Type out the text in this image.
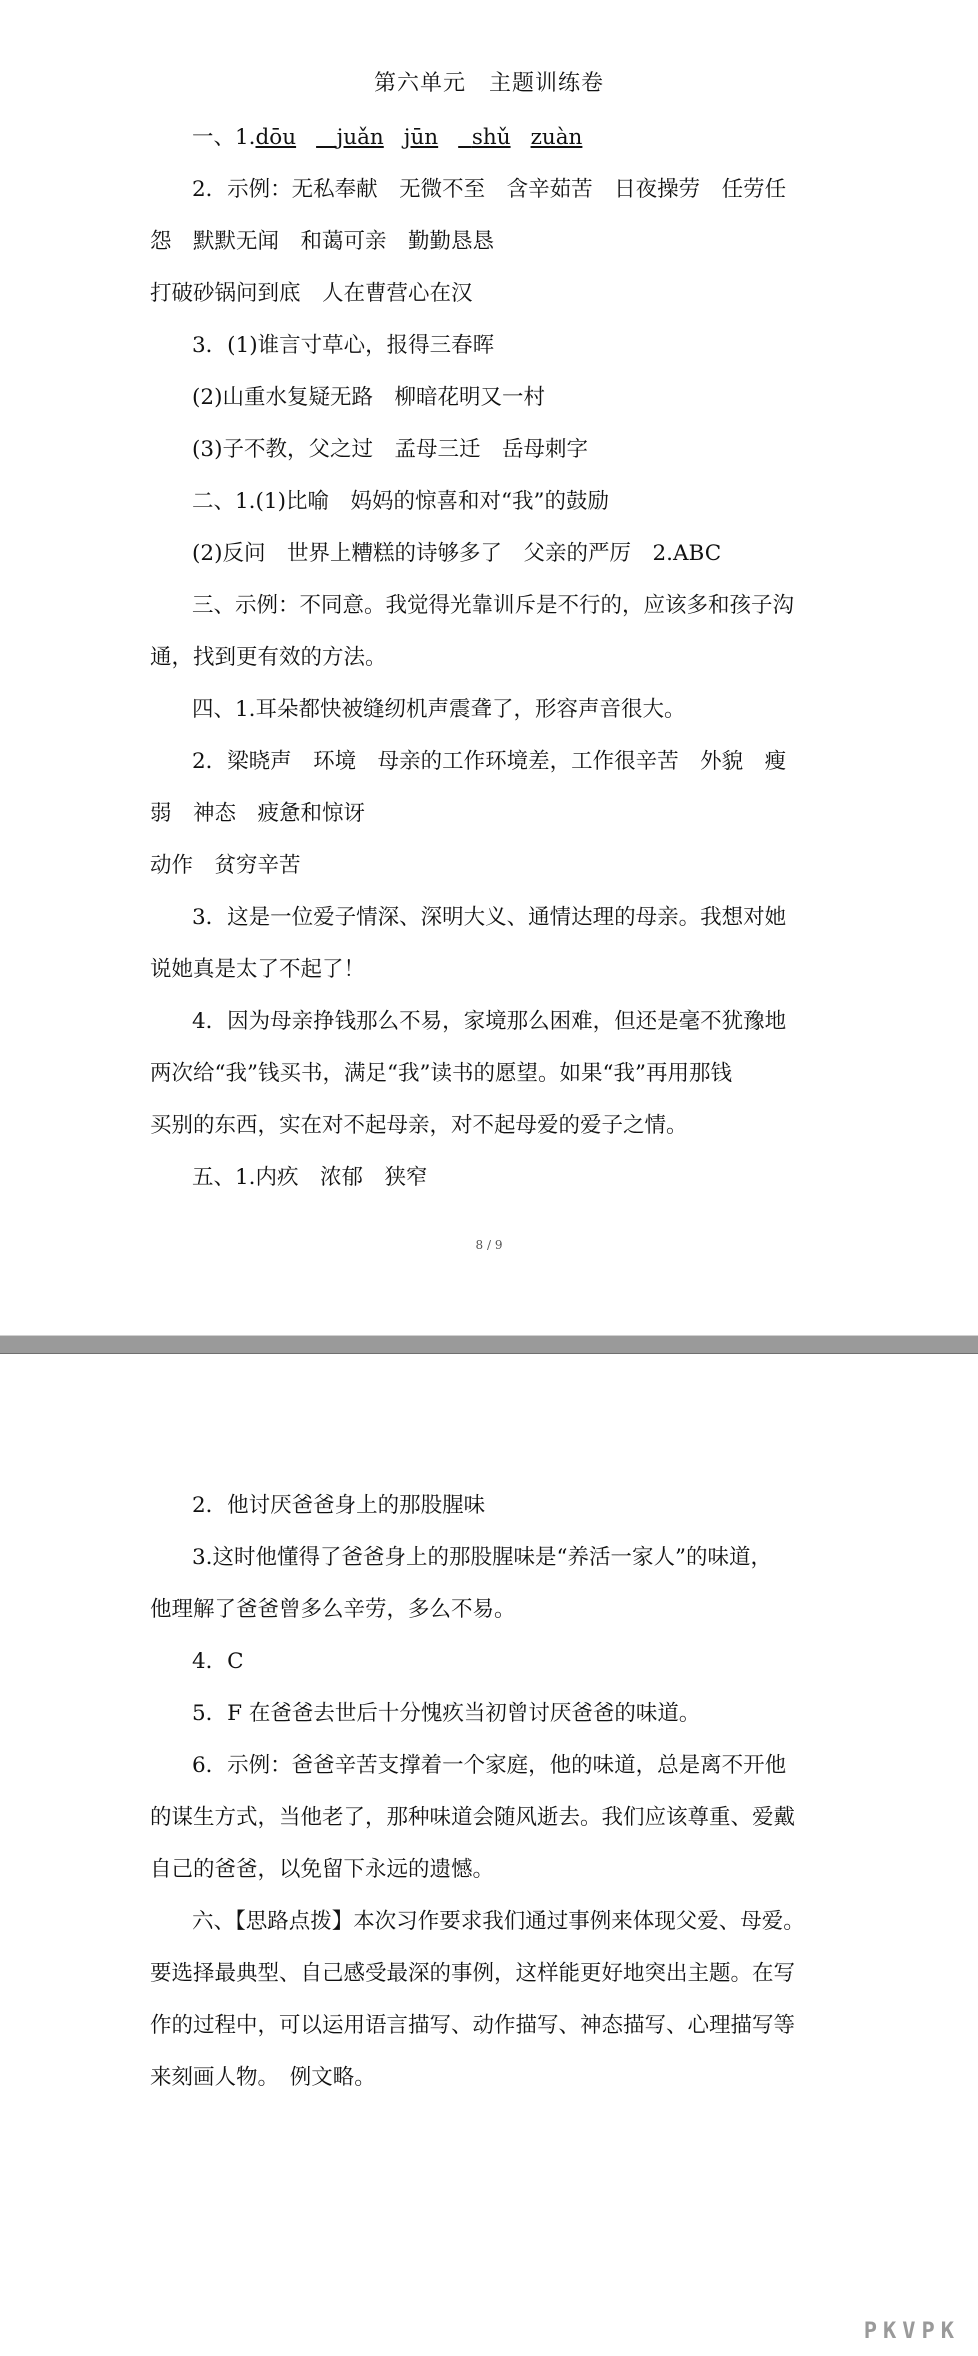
第六单元　主题训练卷
一、1.dōu juǎn jūn shǔ zuàn
2．示例：无私奉献　无微不至　含辛茹苦　日夜操劳　任劳任
怨　默默无闻　和蔼可亲　勤勤恳恳
打破砂锅问到底　人在曹营心在汉
3．(1)谁言寸草心，报得三春晖
(2)山重水复疑无路　柳暗花明又一村
(3)子不教，父之过　孟母三迁　岳母刺字
二、1.(1)比喻　妈妈的惊喜和对“我”的鼓励
(2)反问　世界上糟糕的诗够多了　父亲的严厉　2.ABC
三、示例：不同意。我觉得光靠训斥是不行的，应该多和孩子沟
通，找到更有效的方法。
四、1.耳朵都快被缝纫机声震聋了，形容声音很大。
2．梁晓声　环境　母亲的工作环境差，工作很辛苦　外貌　瘦
弱　神态　疲惫和惊讶
动作　贫穷辛苦
3．这是一位爱子情深、深明大义、通情达理的母亲。我想对她
说她真是太了不起了！
4．因为母亲挣钱那么不易，家境那么困难，但还是毫不犹豫地
两次给“我”钱买书，满足“我”读书的愿望。如果“我”再用那钱
买别的东西，实在对不起母亲，对不起母爱的爱子之情。
五、1.内疚　浓郁　狭窄
8 / 9
2．他讨厌爸爸身上的那股腥味
3.这时他懂得了爸爸身上的那股腥味是“养活一家人”的味道，
他理解了爸爸曾多么辛劳，多么不易。
4．C
5．F 在爸爸去世后十分愧疚当初曾讨厌爸爸的味道。
6．示例：爸爸辛苦支撑着一个家庭，他的味道，总是离不开他
的谋生方式，当他老了，那种味道会随风逝去。我们应该尊重、爱戴
自己的爸爸，以免留下永远的遗憾。
六、【思路点拨】本次习作要求我们通过事例来体现父爱、母爱。
要选择最典型、自己感受最深的事例，这样能更好地突出主题。在写
作的过程中，可以运用语言描写、动作描写、神态描写、心理描写等
来刻画人物。　例文略。
PKVPK
